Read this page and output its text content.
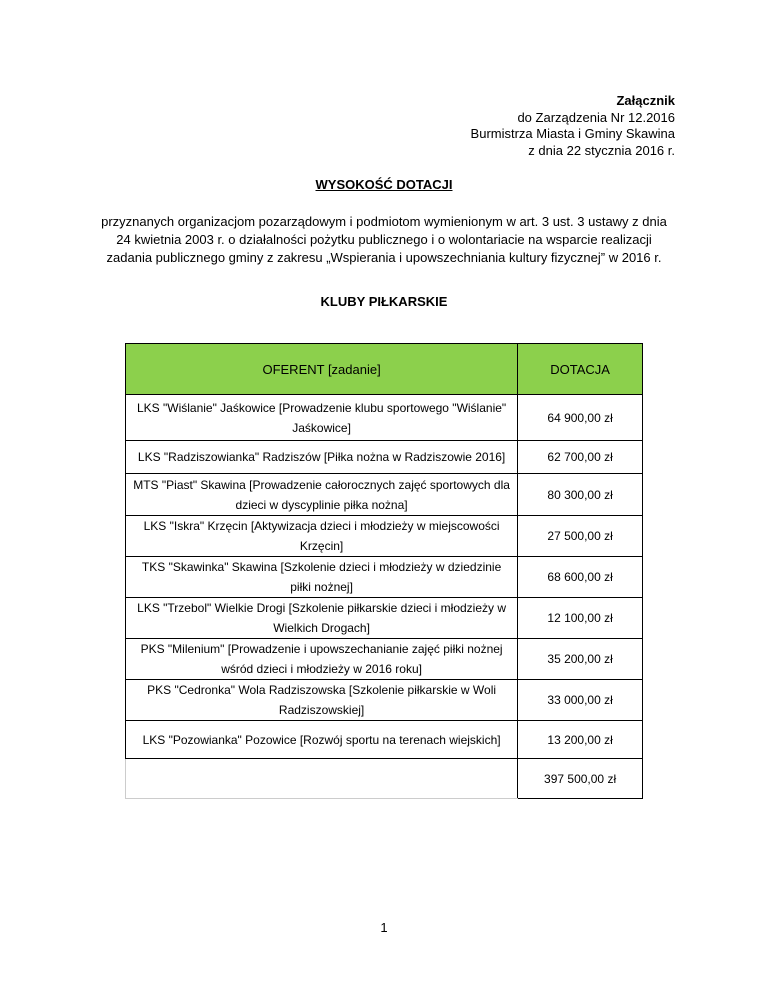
Załącznik
do Zarządzenia Nr 12.2016
Burmistrza Miasta i Gminy Skawina
z dnia 22 stycznia 2016 r.
WYSOKOŚĆ DOTACJI
przyznanych organizacjom pozarządowym i podmiotom wymienionym w art. 3 ust. 3 ustawy z dnia
24 kwietnia 2003 r. o działalności pożytku publicznego i o wolontariacie na wsparcie realizacji
zadania publicznego gminy z zakresu „Wspierania i upowszechniania kultury fizycznej” w 2016 r.
KLUBY PIŁKARSKIE
OFERENT [zadanie]	DOTACJA
LKS "Wiślanie" Jaśkowice [Prowadzenie klubu sportowego "Wiślanie" Jaśkowice]	64 900,00 zł
LKS "Radziszowianka" Radziszów [Piłka nożna w Radziszowie 2016]	62 700,00 zł
MTS "Piast" Skawina [Prowadzenie całorocznych zajęć sportowych dla dzieci w dyscyplinie piłka nożna]	80 300,00 zł
LKS "Iskra" Krzęcin [Aktywizacja dzieci i młodzieży w miejscowości Krzęcin]	27 500,00 zł
TKS "Skawinka" Skawina [Szkolenie dzieci i młodzieży w dziedzinie piłki nożnej]	68 600,00 zł
LKS "Trzebol" Wielkie Drogi [Szkolenie piłkarskie dzieci i młodzieży w Wielkich Drogach]	12 100,00 zł
PKS "Milenium" [Prowadzenie i upowszechanianie zajęć piłki nożnej wśród dzieci i młodzieży w 2016 roku]	35 200,00 zł
PKS "Cedronka" Wola Radziszowska [Szkolenie piłkarskie w Woli Radziszowskiej]	33 000,00 zł
LKS "Pozowianka" Pozowice [Rozwój sportu na terenach wiejskich]	13 200,00 zł
	397 500,00 zł
1
